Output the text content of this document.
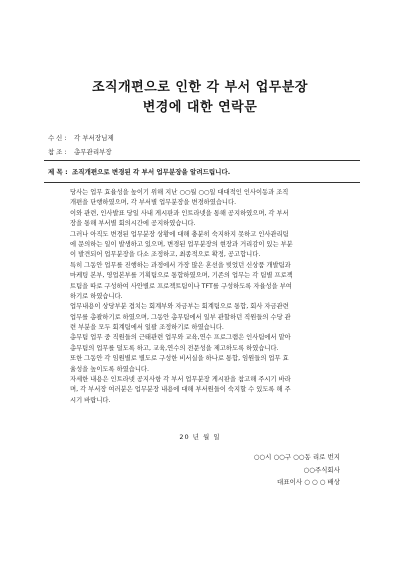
조직개편으로 인한 각 부서 업무분장
변경에 대한 연락문
수 신 : 각 부서장님제
참 조 : 총무관리부장
제 목 : 조직개편으로 변경된 각 부서 업무분장을 알려드립니다.
당사는 업무 효율성을 높이기 위해 지난 ○○월 ○○일 대대적인 인사이동과 조직
개편을 단행하였으며, 각 부서별 업무분장을 변경하였습니다.
이와 관련, 인사발표 당일 사내 게시판과 인트라넷을 통해 공지하였으며, 각 부서
장을 통해 부서별 회의시간에 공지하였습니다.
그러나 아직도 변경된 업무분장 상황에 대해 충분히 숙지하지 못하고 인사관리팀
에 문의하는 일이 발생하고 있으며, 변경된 업무분장의 현장과 거리감이 있는 부분
이 발견되어 업무분장을 다소 조정하고, 최종적으로 확정, 공고합니다.
특히 그동안 업무를 진행하는 과정에서 가장 많은 혼선을 빚었던 신상품 개발팀과
마케팅 본부, 영업본부를 기획팀으로 통합하였으며, 기존의 업무는 각 팀별 프로젝
트팀을 따로 구성하여 사안별로 프로젝트팀이나 TFT를 구성하도록 자율성을 부여
하기로 하였습니다.
업무내용이 상당부분 겹치는 회계부와 자금부는 회계팀으로 통합, 회사 자금관련
업무를 총괄하기로 하였으며, 그동안 총무팀에서 일부 관할하던 직원들의 수당 관
련 부분을 모두 회계팀에서 일괄 조정하기로 하였습니다.
총무팀 업무 중 직원들의 근태관련 업무와 교육,연수 프로그램은 인사팀에서 맡아
총무팀의 업무를 덜도록 하고, 교육,연수의 전문성을 제고하도록 하였습니다.
또한 그동안 각 임원별로 별도로 구성한 비서실을 하나로 통합, 임원들의 업무 효
율성을 높이도록 하였습니다.
자세한 내용은 인트라넷 공지사항 각 부서 업무분장 게시판을 참고해 주시기 바라
며, 각 부서장 여러분은 업무분장 내용에 대해 부서원들이 숙지할 수 있도록 해 주
시기 바랍니다.
20 년 월 일
○○시 ○○구 ○○동 리로 번지
○○주식회사
대표이사 ○ ○ ○ 배상
